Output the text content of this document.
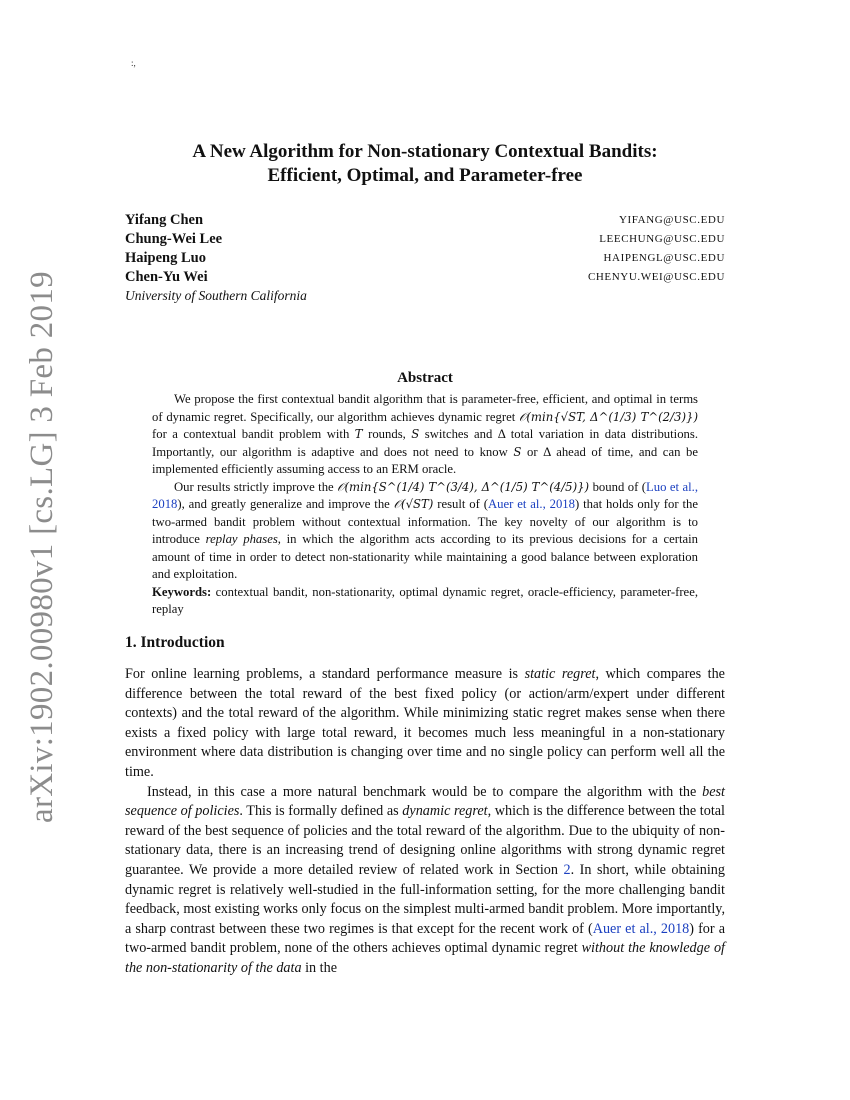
:,
arXiv:1902.00980v1 [cs.LG] 3 Feb 2019
A New Algorithm for Non-stationary Contextual Bandits:
Efficient, Optimal, and Parameter-free
Yifang Chen	YIFANG@USC.EDU
Chung-Wei Lee	LEECHUNG@USC.EDU
Haipeng Luo	HAIPENGL@USC.EDU
Chen-Yu Wei	CHENYU.WEI@USC.EDU
University of Southern California
Abstract

We propose the first contextual bandit algorithm that is parameter-free, efficient, and optimal in terms of dynamic regret. Specifically, our algorithm achieves dynamic regret 𝒪(min{√ST, Δ^(1/3) T^(2/3)}) for a contextual bandit problem with T rounds, S switches and Δ total variation in data distributions. Importantly, our algorithm is adaptive and does not need to know S or Δ ahead of time, and can be implemented efficiently assuming access to an ERM oracle.

Our results strictly improve the 𝒪(min{S^(1/4) T^(3/4), Δ^(1/5) T^(4/5)}) bound of (Luo et al., 2018), and greatly generalize and improve the 𝒪(√ST) result of (Auer et al., 2018) that holds only for the two-armed bandit problem without contextual information. The key novelty of our algorithm is to introduce replay phases, in which the algorithm acts according to its previous decisions for a certain amount of time in order to detect non-stationarity while maintaining a good balance between exploration and exploitation.

Keywords: contextual bandit, non-stationarity, optimal dynamic regret, oracle-efficiency, parameter-free, replay

1. Introduction

For online learning problems, a standard performance measure is static regret, which compares the difference between the total reward of the best fixed policy (or action/arm/expert under different contexts) and the total reward of the algorithm. While minimizing static regret makes sense when there exists a fixed policy with large total reward, it becomes much less meaningful in a non-stationary environment where data distribution is changing over time and no single policy can perform well all the time.

Instead, in this case a more natural benchmark would be to compare the algorithm with the best sequence of policies. This is formally defined as dynamic regret, which is the difference between the total reward of the best sequence of policies and the total reward of the algorithm. Due to the ubiquity of non-stationary data, there is an increasing trend of designing online algorithms with strong dynamic regret guarantee. We provide a more detailed review of related work in Section 2. In short, while obtaining dynamic regret is relatively well-studied in the full-information setting, for the more challenging bandit feedback, most existing works only focus on the simplest multi-armed bandit problem. More importantly, a sharp contrast between these two regimes is that except for the recent work of (Auer et al., 2018) for a two-armed bandit problem, none of the others achieves optimal dynamic regret without the knowledge of the non-stationarity of the data in the
